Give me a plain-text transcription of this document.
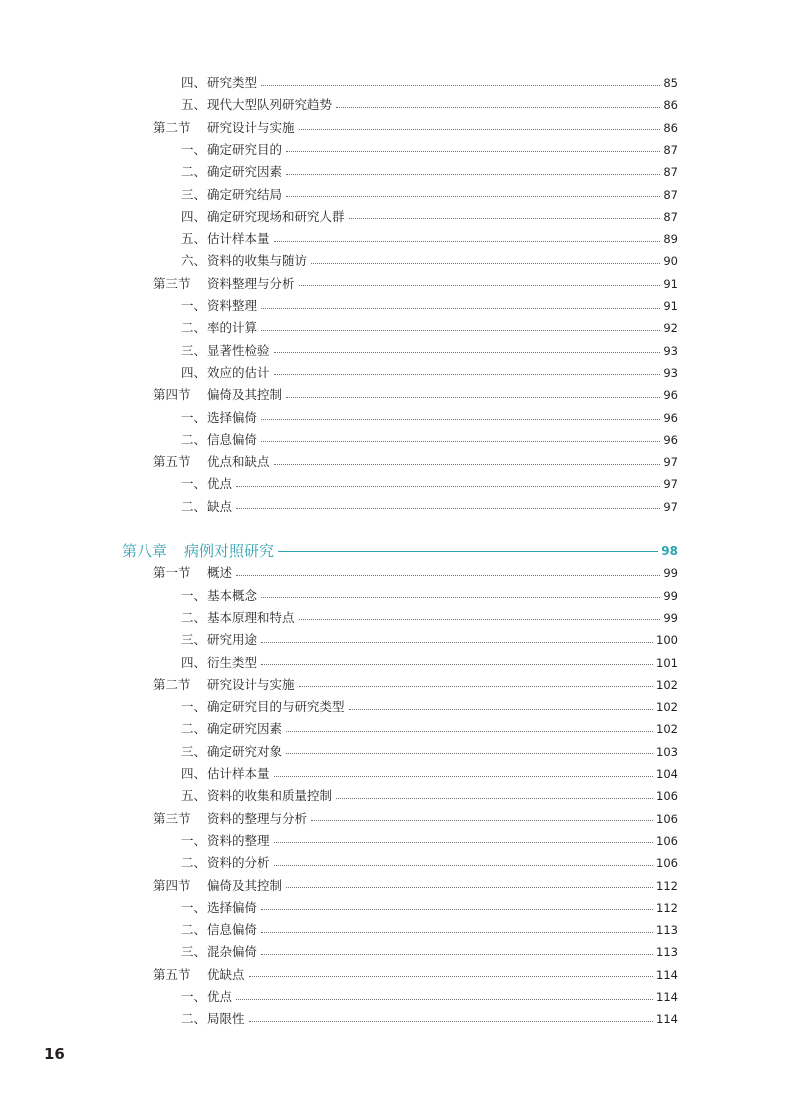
四、研究类型	85
五、现代大型队列研究趋势	86
第二节 研究设计与实施	86
一、确定研究目的	87
二、确定研究因素	87
三、确定研究结局	87
四、确定研究现场和研究人群	87
五、估计样本量	89
六、资料的收集与随访	90
第三节 资料整理与分析	91
一、资料整理	91
二、率的计算	92
三、显著性检验	93
四、效应的估计	93
第四节 偏倚及其控制	96
一、选择偏倚	96
二、信息偏倚	96
第五节 优点和缺点	97
一、优点	97
二、缺点	97
第八章 病例对照研究	98
第一节 概述	99
一、基本概念	99
二、基本原理和特点	99
三、研究用途	100
四、衍生类型	101
第二节 研究设计与实施	102
一、确定研究目的与研究类型	102
二、确定研究因素	102
三、确定研究对象	103
四、估计样本量	104
五、资料的收集和质量控制	106
第三节 资料的整理与分析	106
一、资料的整理	106
二、资料的分析	106
第四节 偏倚及其控制	112
一、选择偏倚	112
二、信息偏倚	113
三、混杂偏倚	113
第五节 优缺点	114
一、优点	114
二、局限性	114
16
